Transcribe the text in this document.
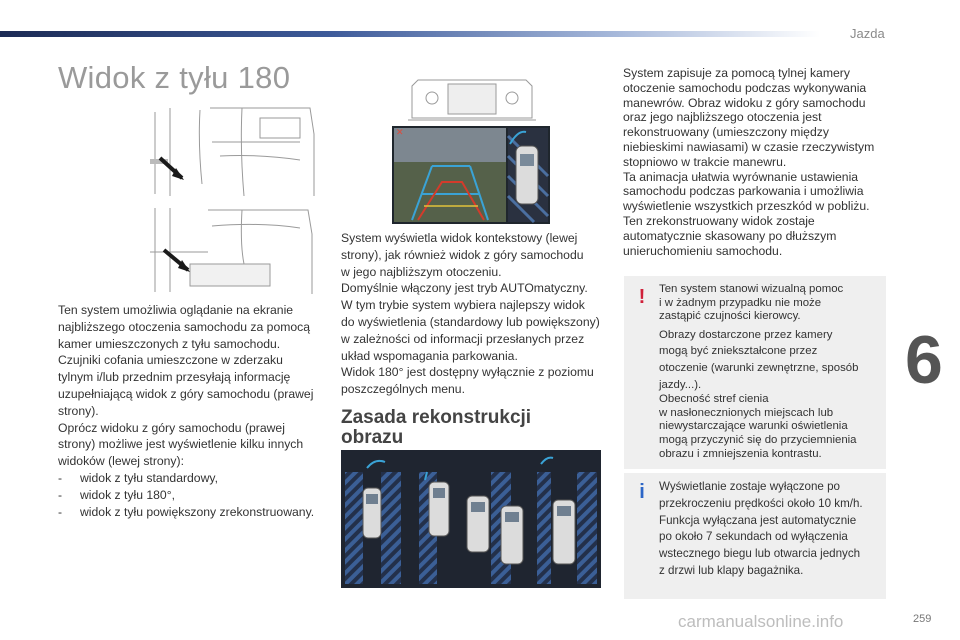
Jazda
Widok z tyłu 180
✕
Ten system umożliwia oglądanie na ekranie
najbliższego otoczenia samochodu za pomocą
kamer umieszczonych z tyłu samochodu.
Czujniki cofania umieszczone w zderzaku
tylnym i/lub przednim przesyłają informację
uzupełniającą widok z góry samochodu (prawej
strony).
Oprócz widoku z góry samochodu (prawej
strony) możliwe jest wyświetlenie kilku innych
widoków (lewej strony):
-	widok z tyłu standardowy,
-	widok z tyłu 180°,
-	widok z tyłu powiększony zrekonstruowany.
System wyświetla widok kontekstowy (lewej
strony), jak również widok z góry samochodu
w jego najbliższym otoczeniu.
Domyślnie włączony jest tryb AUTOmatyczny.
W tym trybie system wybiera najlepszy widok
do wyświetlenia (standardowy lub powiększony)
w zależności od informacji przesłanych przez
układ wspomagania parkowania.
Widok 180° jest dostępny wyłącznie z poziomu
poszczególnych menu.
Zasada rekonstrukcji
obrazu
System zapisuje za pomocą tylnej kamery
otoczenie samochodu podczas wykonywania
manewrów. Obraz widoku z góry samochodu
oraz jego najbliższego otoczenia jest
rekonstruowany (umieszczony między
niebieskimi nawiasami) w czasie rzeczywistym
stopniowo w trakcie manewru.
Ta animacja ułatwia wyrównanie ustawienia
samochodu podczas parkowania i umożliwia
wyświetlenie wszystkich przeszkód w pobliżu.
Ten zrekonstruowany widok zostaje
automatycznie skasowany po dłuższym
unieruchomieniu samochodu.
! Ten system stanowi wizualną pomoc
i w żadnym przypadku nie może
zastąpić czujności kierowcy.
Obrazy dostarczone przez kamery
mogą być zniekształcone przez
otoczenie (warunki zewnętrzne, sposób
jazdy...).
Obecność stref cienia
w nasłonecznionych miejscach lub
niewystarczające warunki oświetlenia
mogą przyczynić się do przyciemnienia
obrazu i zmniejszenia kontrastu.
i Wyświetlanie zostaje wyłączone po
przekroczeniu prędkości około 10 km/h.
Funkcja wyłączana jest automatycznie
po około 7 sekundach od wyłączenia
wstecznego biegu lub otwarcia jednych
z drzwi lub klapy bagażnika.
6
259
carmanualsonline.info
